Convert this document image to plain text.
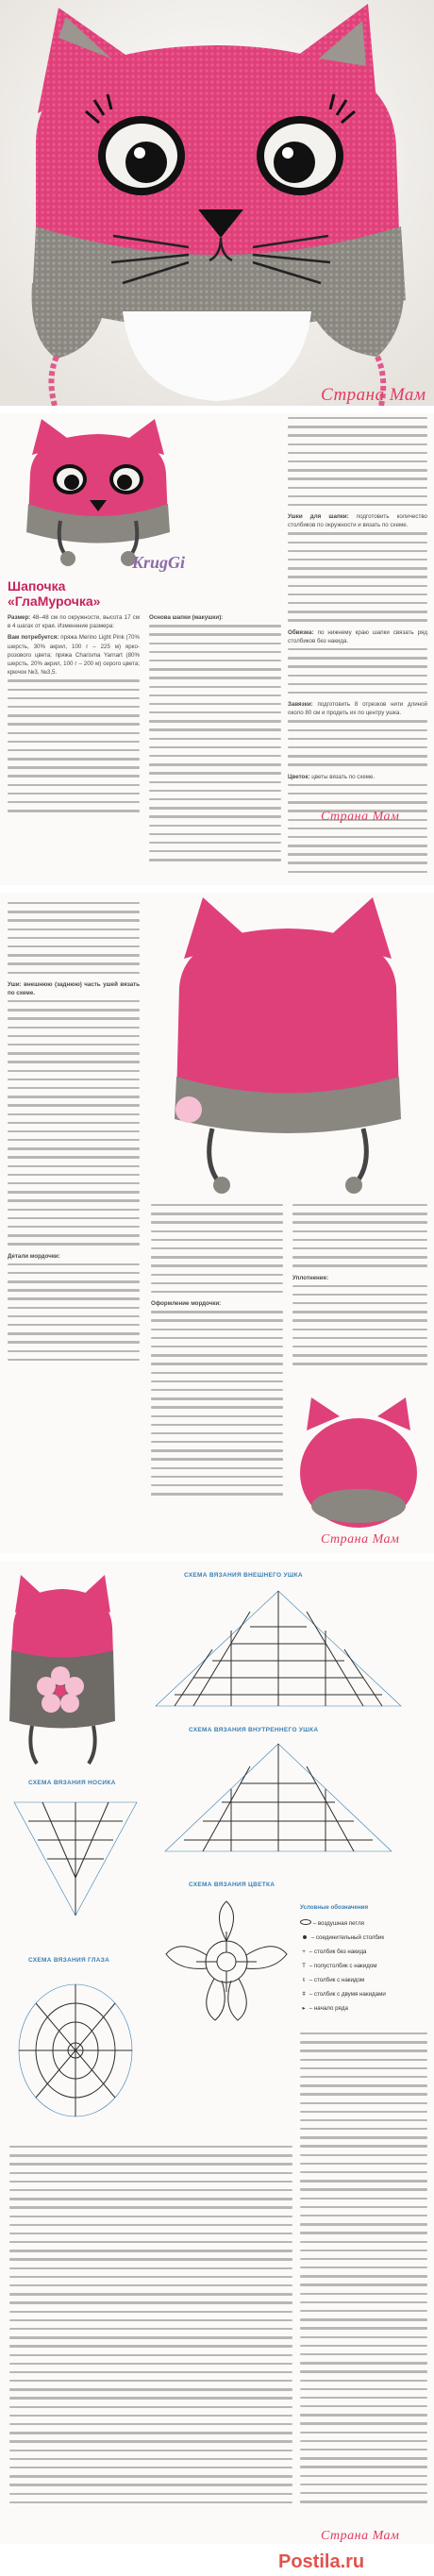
Страна Мам
KrugGi
Шапочка
«ГлаМурочка»

Размер: 48–48 см по окружности, высота 17 см в 4 шагах от края. Изменение размера:

Вам потребуется: пряжа Merino Light Pink (70% шерсть, 30% акрил, 100 г – 225 м) ярко-розового цвета; пряжа Charisma Yarnart (80% шерсть, 20% акрил, 100 г – 200 м) серого цвета; крючок №3, №3,5.

Основа шапки (макушки):

Ушки для шапки: подготовить количество столбиков по окружности и вязать по схеме.

Обвязка: по нижнему краю шапки связать ряд столбиков без накида.

Завязки: подготовить 8 отрезков нити длиной около 80 см и продеть их по центру ушка.

Цветок: цветы вязать по схеме.

Страна Мам

Уши: внешнюю (заднюю) часть ушей вязать по схеме.

Детали мордочки:

Оформление мордочки:

Уплотнение:

Страна Мам
СХЕМА ВЯЗАНИЯ ВНЕШНЕГО УШКА
СХЕМА ВЯЗАНИЯ ВНУТРЕННЕГО УШКА
СХЕМА ВЯЗАНИЯ НОСИКА
СХЕМА ВЯЗАНИЯ ЦВЕТКА
Условные обозначения
– воздушная петля
– соединительный столбик
+ – столбик без накида
T – полустолбик с накидом
ŧ – столбик с накидом
ǂ – столбик с двумя накидами
▸ – начало ряда
СХЕМА ВЯЗАНИЯ ГЛАЗА
Страна Мам
Postila.ru
